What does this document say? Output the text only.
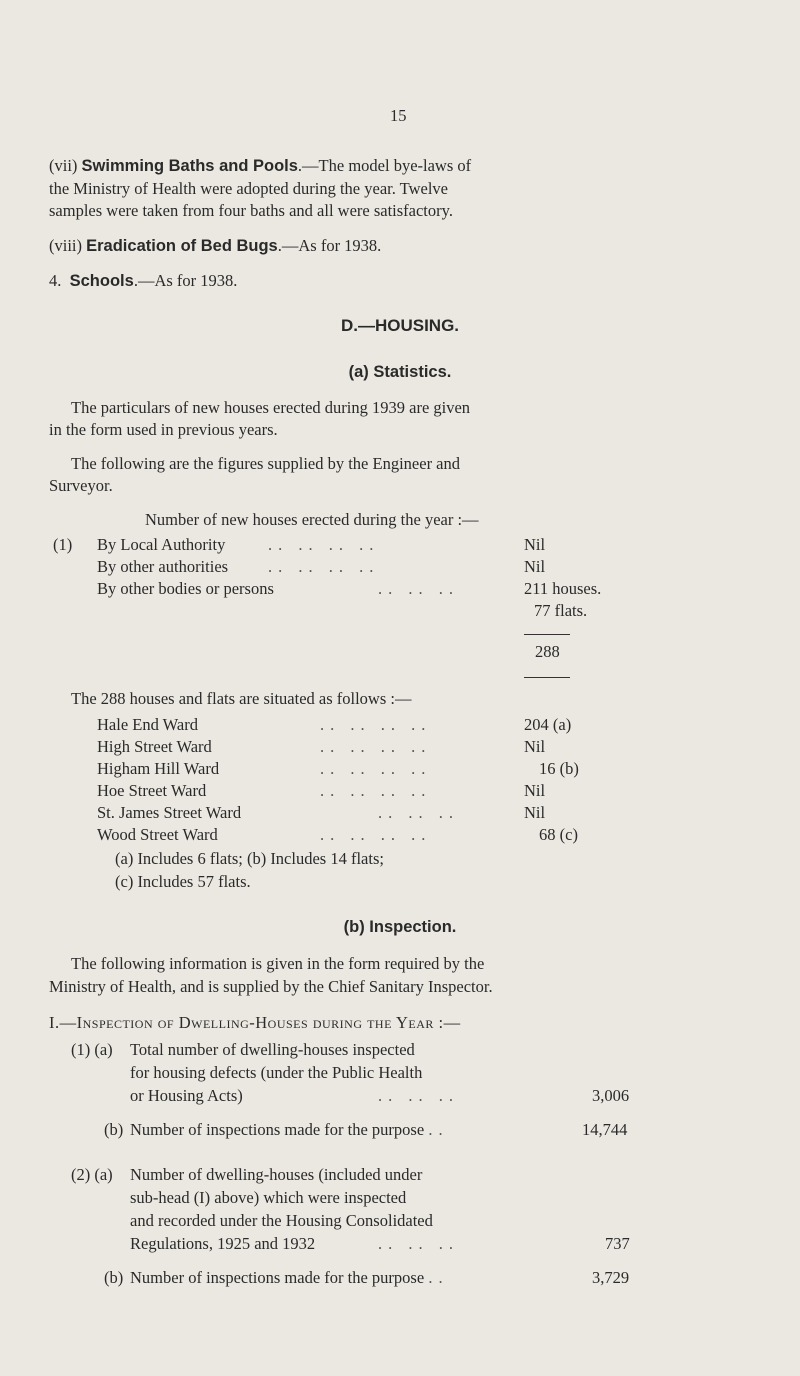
15
(vii) Swimming Baths and Pools.—The model bye-laws of
the Ministry of Health were adopted during the year. Twelve
samples were taken from four baths and all were satisfactory.
(viii) Eradication of Bed Bugs.—As for 1938.
4. Schools.—As for 1938.
D.—HOUSING.
(a) Statistics.
The particulars of new houses erected during 1939 are given
in the form used in previous years.
The following are the figures supplied by the Engineer and
Surveyor.
Number of new houses erected during the year :—
(1) By Local Authority	.. .. .. ..	Nil
By other authorities .. .. .. ..	Nil
By other bodies or persons	.. .. ..	211 houses.
77 flats.
288
The 288 houses and flats are situated as follows :—
Hale End Ward	.. .. .. ..	204 (a)
High Street Ward	.. .. .. ..	Nil
Higham Hill Ward	.. .. .. ..	16 (b)
Hoe Street Ward	.. .. .. ..	Nil
St. James Street Ward	.. .. ..	Nil
Wood Street Ward	.. .. .. ..	68 (c)
(a) Includes 6 flats; (b) Includes 14 flats;
(c) Includes 57 flats.
(b) Inspection.
The following information is given in the form required by the
Ministry of Health, and is supplied by the Chief Sanitary Inspector.
I.—Inspection of Dwelling-Houses during the Year :—
(1) (a) Total number of dwelling-houses inspected
for housing defects (under the Public Health
or Housing Acts)	.. .. ..	3,006
(b) Number of inspections made for the purpose ..	14,744
(2) (a) Number of dwelling-houses (included under
sub-head (I) above) which were inspected
and recorded under the Housing Consolidated
Regulations, 1925 and 1932	.. .. ..	737
(b) Number of inspections made for the purpose ..	3,729
